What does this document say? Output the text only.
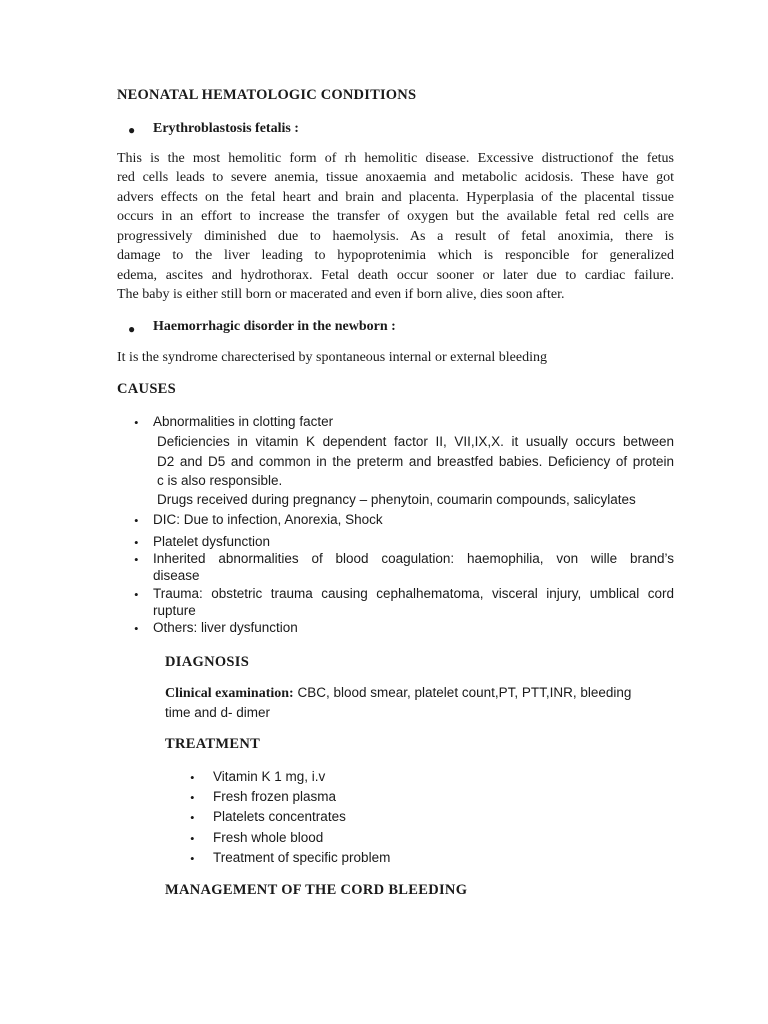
NEONATAL HEMATOLOGIC CONDITIONS
● Erythroblastosis fetalis :
This is the most hemolitic form of rh hemolitic disease. Excessive distructionof the fetus
red cells leads to severe anemia, tissue anoxaemia and metabolic acidosis. These have got
advers effects on the fetal heart and brain and placenta. Hyperplasia of the placental tissue
occurs in an effort to increase the transfer of oxygen but the available fetal red cells are
progressively diminished due to haemolysis. As a result of fetal anoximia, there is
damage to the liver leading to hypoprotenimia which is responcible for generalized
edema, ascites and hydrothorax. Fetal death occur sooner or later due to cardiac failure.
The baby is either still born or macerated and even if born alive, dies soon after.
● Haemorrhagic disorder in the newborn :
It is the syndrome charecterised by spontaneous internal or external bleeding
CAUSES
• Abnormalities in clotting facter
Deficiencies in vitamin K dependent factor II, VII,IX,X. it usually occurs between
D2 and D5 and common in the preterm and breastfed babies. Deficiency of protein
c is also responsible.
Drugs received during pregnancy – phenytoin, coumarin compounds, salicylates
• DIC: Due to infection, Anorexia, Shock
• Platelet dysfunction
• Inherited abnormalities of blood coagulation: haemophilia, von wille brand’s
disease
• Trauma: obstetric trauma causing cephalhematoma, visceral injury, umblical cord
rupture
• Others: liver dysfunction
DIAGNOSIS
Clinical examination: CBC, blood smear, platelet count,PT, PTT,INR, bleeding
time and d- dimer
TREATMENT
• Vitamin K 1 mg, i.v
• Fresh frozen plasma
• Platelets concentrates
• Fresh whole blood
• Treatment of specific problem
MANAGEMENT OF THE CORD BLEEDING
